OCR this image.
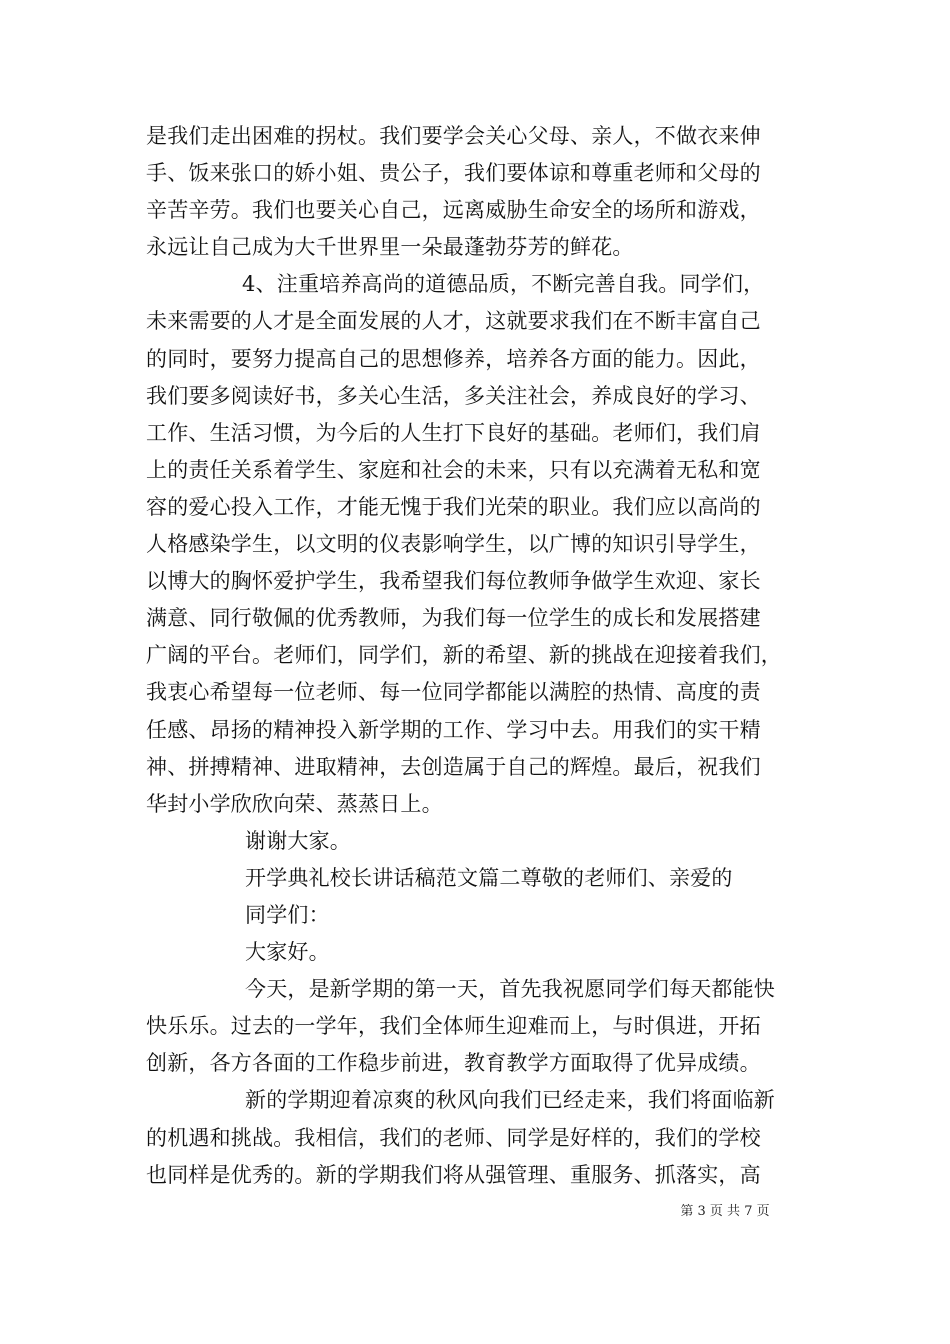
是我们走出困难的拐杖。我们要学会关心父母、亲人，不做衣来伸
手、饭来张口的娇小姐、贵公子，我们要体谅和尊重老师和父母的
辛苦辛劳。我们也要关心自己，远离威胁生命安全的场所和游戏，
永远让自己成为大千世界里一朵最蓬勃芬芳的鲜花。
4、注重培养高尚的道德品质，不断完善自我。同学们，
未来需要的人才是全面发展的人才，这就要求我们在不断丰富自己
的同时，要努力提高自己的思想修养，培养各方面的能力。因此，
我们要多阅读好书，多关心生活，多关注社会，养成良好的学习、
工作、生活习惯，为今后的人生打下良好的基础。老师们，我们肩
上的责任关系着学生、家庭和社会的未来，只有以充满着无私和宽
容的爱心投入工作，才能无愧于我们光荣的职业。我们应以高尚的
人格感染学生，以文明的仪表影响学生，以广博的知识引导学生，
以博大的胸怀爱护学生，我希望我们每位教师争做学生欢迎、家长
满意、同行敬佩的优秀教师，为我们每一位学生的成长和发展搭建
广阔的平台。老师们，同学们，新的希望、新的挑战在迎接着我们，
我衷心希望每一位老师、每一位同学都能以满腔的热情、高度的责
任感、昂扬的精神投入新学期的工作、学习中去。用我们的实干精
神、拼搏精神、进取精神，去创造属于自己的辉煌。最后，祝我们
华封小学欣欣向荣、蒸蒸日上。
谢谢大家。
开学典礼校长讲话稿范文篇二尊敬的老师们、亲爱的
同学们：
大家好。
今天，是新学期的第一天，首先我祝愿同学们每天都能快
快乐乐。过去的一学年，我们全体师生迎难而上，与时俱进，开拓
创新，各方各面的工作稳步前进，教育教学方面取得了优异成绩。
新的学期迎着凉爽的秋风向我们已经走来，我们将面临新
的机遇和挑战。我相信，我们的老师、同学是好样的，我们的学校
也同样是优秀的。新的学期我们将从强管理、重服务、抓落实，高
第 3 页 共 7 页
